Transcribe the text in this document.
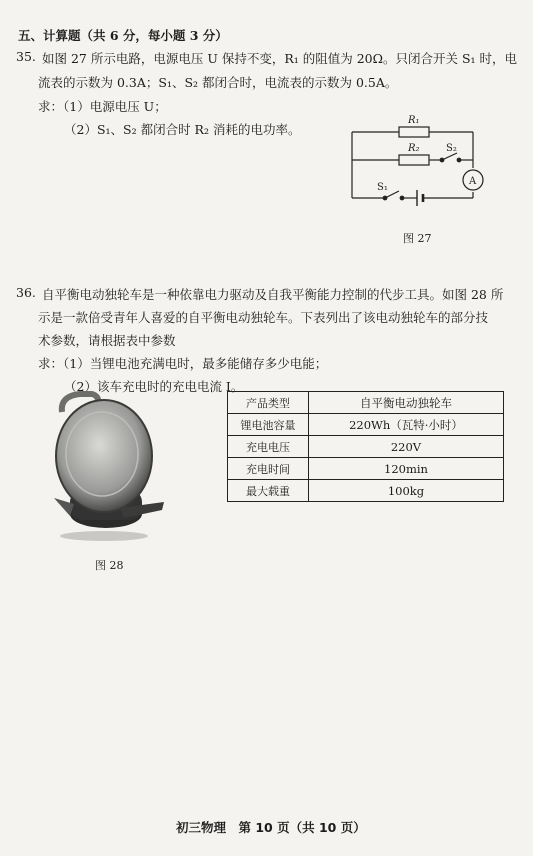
五、计算题（共 6 分，每小题 3 分）
35. 如图 27 所示电路，电源电压 U 保持不变，R₁ 的阻值为 20Ω。只闭合开关 S₁ 时，电
流表的示数为 0.3A；S₁、S₂ 都闭合时，电流表的示数为 0.5A。
求：（1）电源电压 U；
（2）S₁、S₂ 都闭合时 R₂ 消耗的电功率。
R₁
R₂	S₂
S₁
A
图 27
36. 自平衡电动独轮车是一种依靠电力驱动及自我平衡能力控制的代步工具。如图 28 所
示是一款倍受青年人喜爱的自平衡电动独轮车。下表列出了该电动独轮车的部分技
术参数，请根据表中参数
求：（1）当锂电池充满电时，最多能储存多少电能；
（2）该车充电时的充电电流 I。
图 28
产品类型	自平衡电动独轮车
锂电池容量	220Wh（瓦特·小时）
充电电压	220V
充电时间	120min
最大载重	100kg
初三物理　第 10 页（共 10 页）
